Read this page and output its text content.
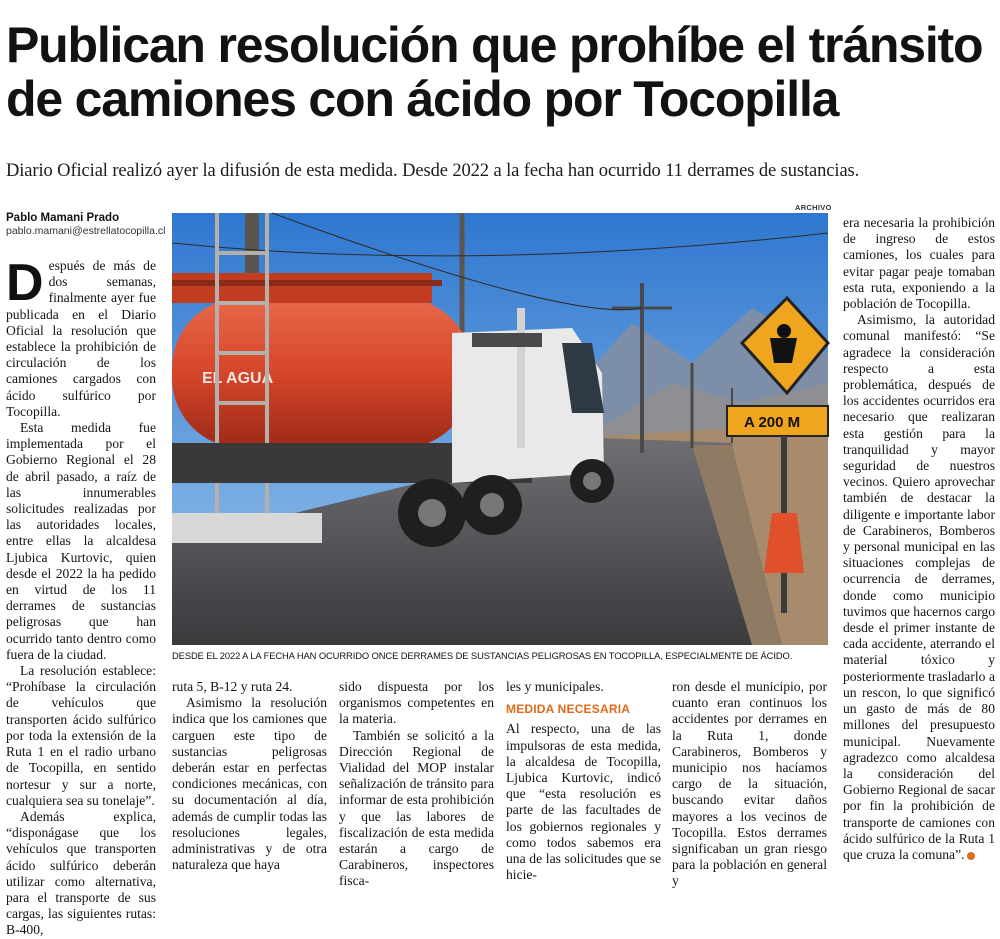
Publican resolución que prohíbe el tránsito de camiones con ácido por Tocopilla

Diario Oficial realizó ayer la difusión de esta medida. Desde 2022 a la fecha han ocurrido 11 derrames de sustancias.

Pablo Mamani Prado
pablo.mamani@estrellatocopilla.cl
ARCHIVO
EL AGUA
A 200 M

DESDE EL 2022 A LA FECHA HAN OCURRIDO ONCE DERRAMES DE SUSTANCIAS PELIGROSAS EN TOCOPILLA, ESPECIALMENTE DE ÁCIDO.

Después de más de dos semanas, finalmente ayer fue publicada en el Diario Oficial la resolución que establece la prohibición de circulación de los camiones cargados con ácido sulfúrico por Tocopilla.

Esta medida fue implementada por el Gobierno Regional el 28 de abril pasado, a raíz de las innumerables solicitudes realizadas por las autoridades locales, entre ellas la alcaldesa Ljubica Kurtovic, quien desde el 2022 la ha pedido en virtud de los 11 derrames de sustancias peligrosas que han ocurrido tanto dentro como fuera de la ciudad.

La resolución establece: “Prohíbase la circulación de vehículos que transporten ácido sulfúrico por toda la extensión de la Ruta 1 en el radio urbano de Tocopilla, en sentido nortesur y sur a norte, cualquiera sea su tonelaje”.

Además explica, “disponágase que los vehículos que transporten ácido sulfúrico deberán utilizar como alternativa, para el transporte de sus cargas, las siguientes rutas: B-400,

ruta 5, B-12 y ruta 24.

Asimismo la resolución indica que los camiones que carguen este tipo de sustancias peligrosas deberán estar en perfectas condiciones mecánicas, con su documentación al día, además de cumplir todas las resoluciones legales, administrativas y de otra naturaleza que haya

sido dispuesta por los organismos competentes en la materia.

También se solicitó a la Dirección Regional de Vialidad del MOP instalar señalización de tránsito para informar de esta prohibición y que las labores de fiscalización de esta medida estarán a cargo de Carabineros, inspectores fisca-

les y municipales.

MEDIDA NECESARIA

Al respecto, una de las impulsoras de esta medida, la alcaldesa de Tocopilla, Ljubica Kurtovic, indicó que “esta resolución es parte de las facultades de los gobiernos regionales y como todos sabemos era una de las solicitudes que se hicie-

ron desde el municipio, por cuanto eran continuos los accidentes por derrames en la Ruta 1, donde Carabineros, Bomberos y municipio nos hacíamos cargo de la situación, buscando evitar daños mayores a los vecinos de Tocopilla. Estos derrames significaban un gran riesgo para la población en general y

era necesaria la prohibición de ingreso de estos camiones, los cuales para evitar pagar peaje tomaban esta ruta, exponiendo a la población de Tocopilla.

Asimismo, la autoridad comunal manifestó: “Se agradece la consideración respecto a esta problemática, después de los accidentes ocurridos era necesario que realizaran esta gestión para la tranquilidad y mayor seguridad de nuestros vecinos. Quiero aprovechar también de destacar la diligente e importante labor de Carabineros, Bomberos y personal municipal en las situaciones complejas de ocurrencia de derrames, donde como municipio tuvimos que hacernos cargo desde el primer instante de cada accidente, aterrando el material tóxico y posteriormente trasladarlo a un rescon, lo que significó un gasto de más de 80 millones del presupuesto municipal. Nuevamente agradezco como alcaldesa la consideración del Gobierno Regional de sacar por fin la prohibición de transporte de camiones con ácido sulfúrico de la Ruta 1 que cruza la comuna”.
